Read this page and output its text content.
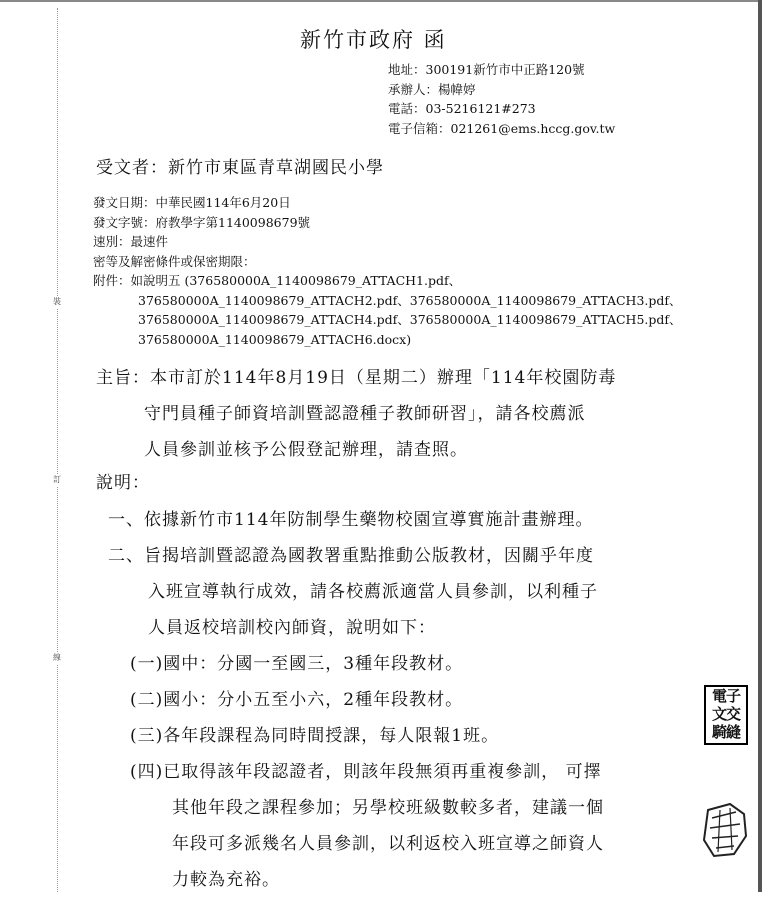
裝
訂
線
新竹市政府 函
地址：300191新竹市中正路120號
承辦人：楊幃婷
電話：03-5216121#273
電子信箱：021261@ems.hccg.gov.tw
受文者：新竹市東區青草湖國民小學
發文日期：中華民國114年6月20日
發文字號：府教學字第1140098679號
速別：最速件
密等及解密條件或保密期限：
附件：如說明五 (376580000A_1140098679_ATTACH1.pdf、
376580000A_1140098679_ATTACH2.pdf、376580000A_1140098679_ATTACH3.pdf、
376580000A_1140098679_ATTACH4.pdf、376580000A_1140098679_ATTACH5.pdf、
376580000A_1140098679_ATTACH6.docx)
主旨：本市訂於114年8月19日（星期二）辦理「114年校園防毒
守門員種子師資培訓暨認證種子教師研習」，請各校薦派
人員參訓並核予公假登記辦理，請查照。
說明：
一、依據新竹市114年防制學生藥物校園宣導實施計畫辦理。
二、旨揭培訓暨認證為國教署重點推動公版教材，因關乎年度
入班宣導執行成效，請各校薦派適當人員參訓，以利種子
人員返校培訓校內師資，說明如下：
(一)國中：分國一至國三，3種年段教材。
(二)國小：分小五至小六，2種年段教材。
(三)各年段課程為同時間授課，每人限報1班。
(四)已取得該年段認證者，則該年段無須再重複參訓， 可擇
其他年段之課程參加；另學校班級數較多者，建議一個
年段可多派幾名人員參訓，以利返校入班宣導之師資人
力較為充裕。
電子
文交
騎縫
